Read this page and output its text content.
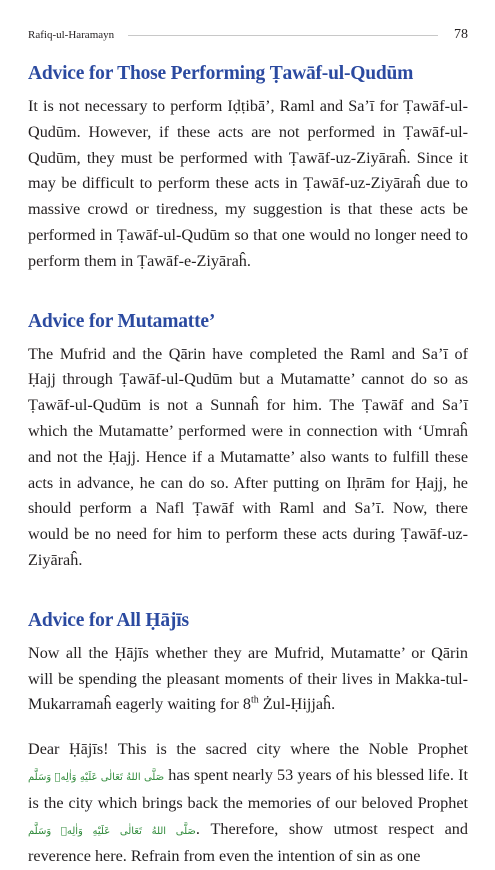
Rafiq-ul-Haramayn	78
Advice for Those Performing Ṭawāf-ul-Qudūm

It is not necessary to perform Iḍṭibā’, Raml and Sa’ī for Ṭawāf-ul-Qudūm. However, if these acts are not performed in Ṭawāf-ul-Qudūm, they must be performed with Ṭawāf-uz-Ziyāraĥ. Since it may be difficult to perform these acts in Ṭawāf-uz-Ziyāraĥ due to massive crowd or tiredness, my suggestion is that these acts be performed in Ṭawāf-ul-Qudūm so that one would no longer need to perform them in Ṭawāf-e-Ziyāraĥ.

Advice for Mutamatte’

The Mufrid and the Qārin have completed the Raml and Sa’ī of Ḥajj through Ṭawāf-ul-Qudūm but a Mutamatte’ cannot do so as Ṭawāf-ul-Qudūm is not a Sunnaĥ for him. The Ṭawāf and Sa’ī which the Mutamatte’ performed were in connection with ‘Umraĥ and not the Ḥajj. Hence if a Mutamatte’ also wants to fulfill these acts in advance, he can do so. After putting on Iḥrām for Ḥajj, he should perform a Nafl Ṭawāf with Raml and Sa’ī. Now, there would be no need for him to perform these acts during Ṭawāf-uz-Ziyāraĥ.

Advice for All Ḥājīs

Now all the Ḥājīs whether they are Mufrid, Mutamatte’ or Qārin will be spending the pleasant moments of their lives in Makka-tul-Mukarramaĥ eagerly waiting for 8th Żul-Ḥijjaĥ.

Dear Ḥājīs! This is the sacred city where the Noble Prophet صَلَّى اللهُ تَعَالٰى عَلَيْهِ وَاٰلِهٖ وَسَلَّم has spent nearly 53 years of his blessed life. It is the city which brings back the memories of our beloved Prophet صَلَّى اللهُ تَعَالٰى عَلَيْهِ وَاٰلِهٖ وَسَلَّم. Therefore, show utmost respect and reverence here. Refrain from even the intention of sin as one
